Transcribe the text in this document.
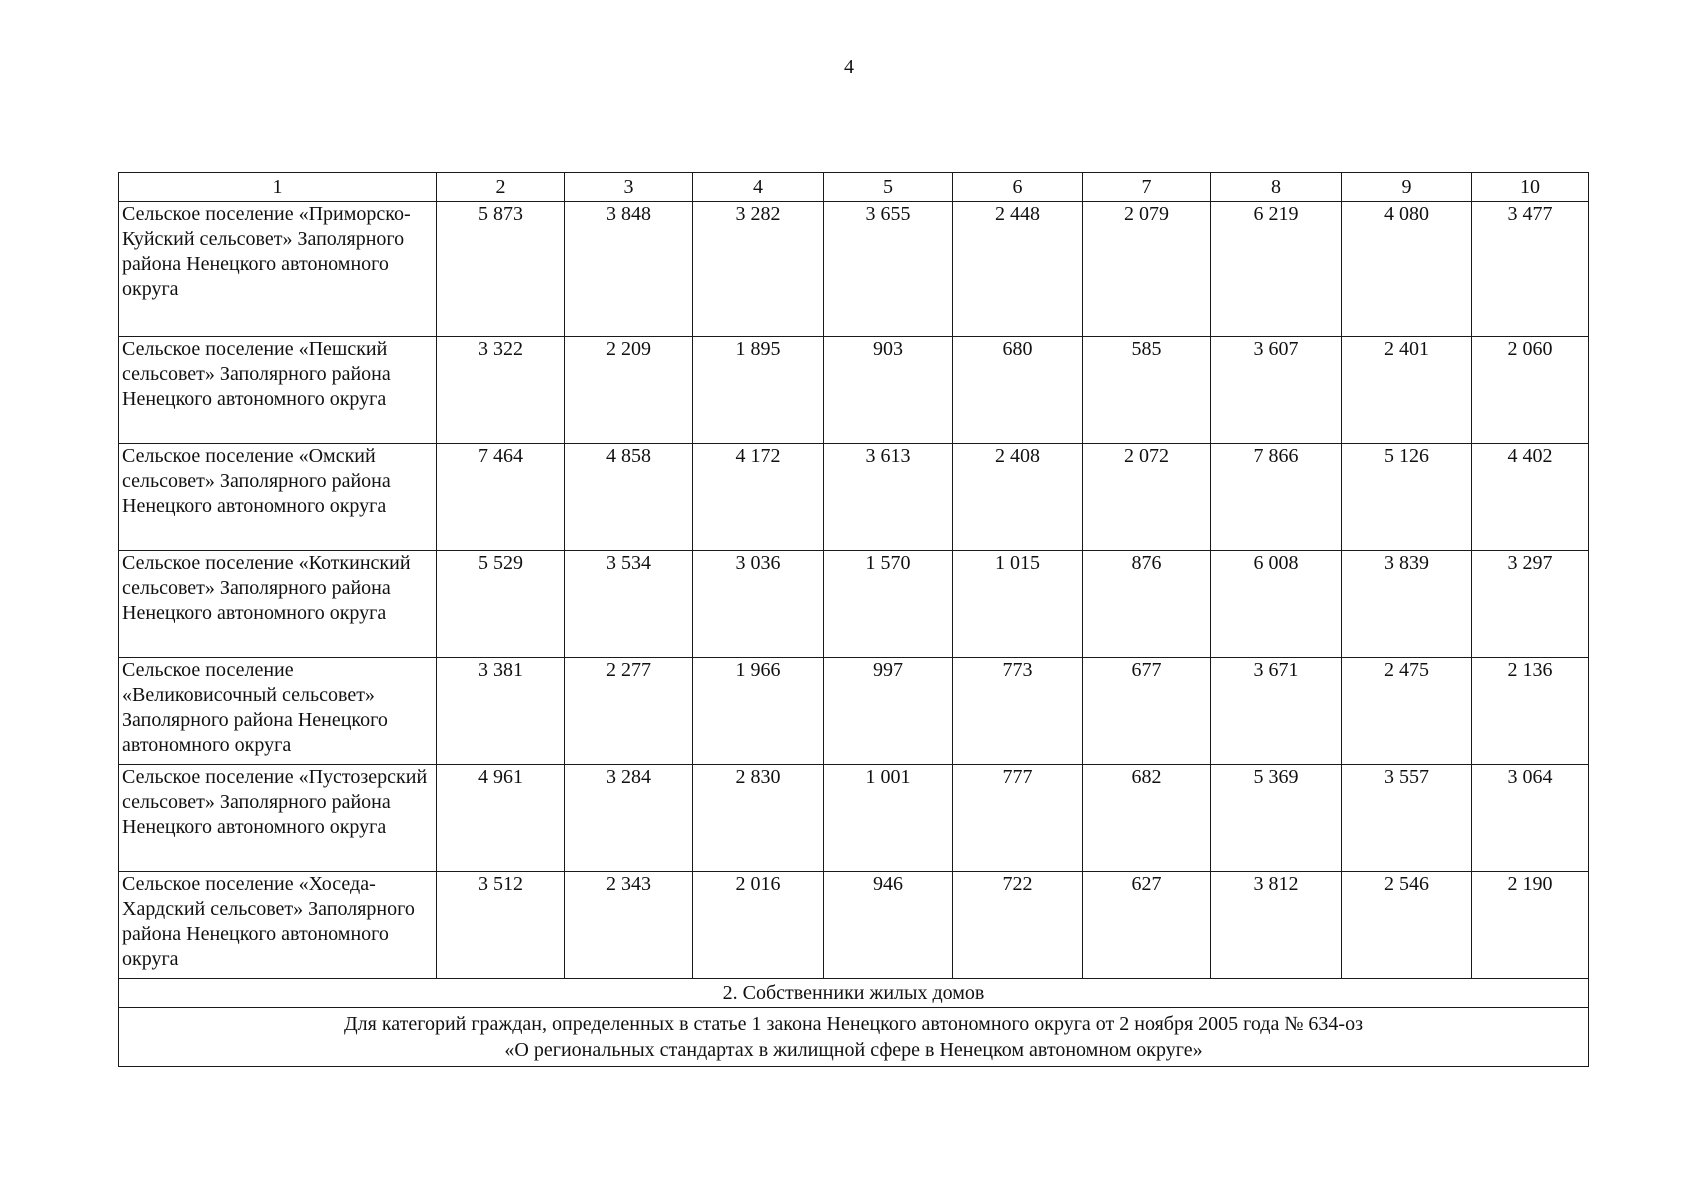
4
1	2	3	4	5	6	7	8	9	10
Сельское поселение «Приморско-Куйский сельсовет» Заполярного района Ненецкого автономного округа	5 873	3 848	3 282	3 655	2 448	2 079	6 219	4 080	3 477
Сельское поселение «Пешский сельсовет» Заполярного района Ненецкого автономного округа	3 322	2 209	1 895	903	680	585	3 607	2 401	2 060
Сельское поселение «Омский сельсовет» Заполярного района Ненецкого автономного округа	7 464	4 858	4 172	3 613	2 408	2 072	7 866	5 126	4 402
Сельское поселение «Коткинский сельсовет» Заполярного района Ненецкого автономного округа	5 529	3 534	3 036	1 570	1 015	876	6 008	3 839	3 297
Сельское поселение «Великовисочный сельсовет» Заполярного района Ненецкого автономного округа	3 381	2 277	1 966	997	773	677	3 671	2 475	2 136
Сельское поселение «Пустозерский сельсовет» Заполярного района Ненецкого автономного округа	4 961	3 284	2 830	1 001	777	682	5 369	3 557	3 064
Сельское поселение «Хоседа-Хардский сельсовет» Заполярного района Ненецкого автономного округа	3 512	2 343	2 016	946	722	627	3 812	2 546	2 190
2. Собственники жилых домов									

Для категорий граждан, определенных в статье 1 закона Ненецкого автономного округа от 2 ноября 2005 года № 634-оз
«О региональных стандартах в жилищной сфере в Ненецком автономном округе»									
